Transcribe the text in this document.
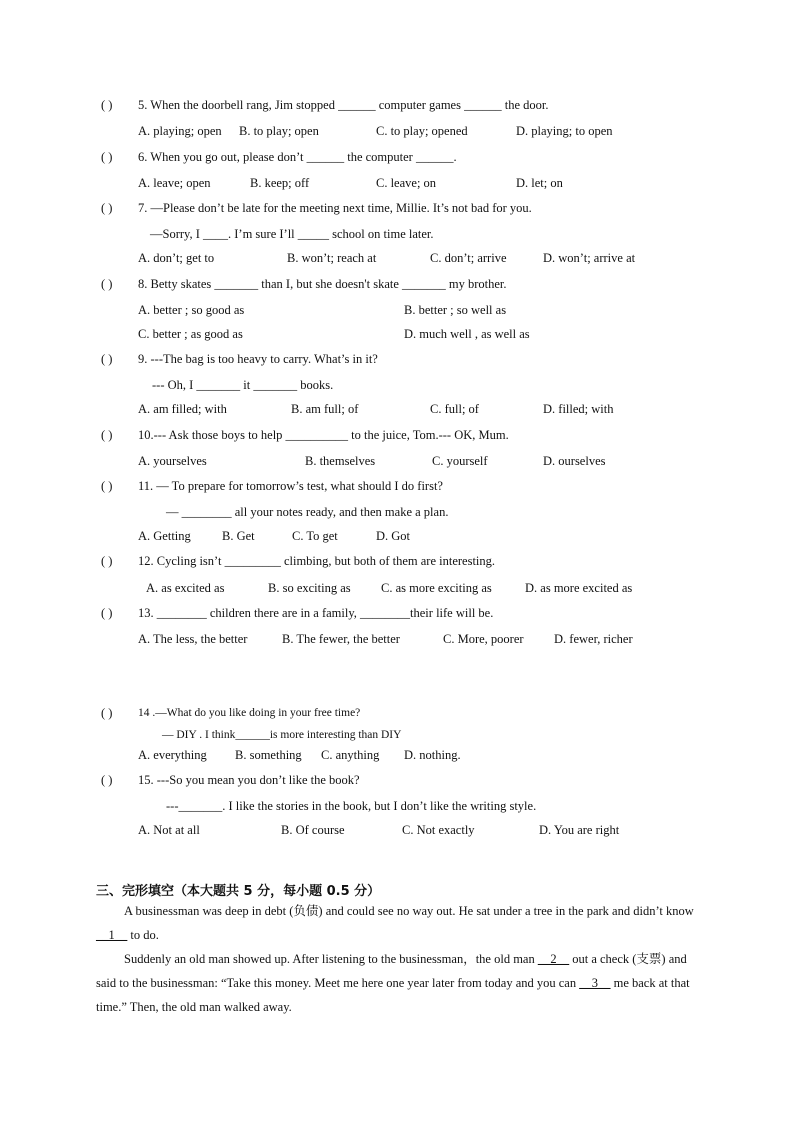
( ) 5. When the doorbell rang, Jim stopped ______ computer games ______ the door.
A. playing; open B. to play; open	C. to play; opened	D. playing; to open
( ) 6. When you go out, please don’t ______ the computer ______.
A. leave; open	B. keep; off	C. leave; on	D. let; on
( ) 7. —Please don’t be late for the meeting next time, Millie. It’s not bad for you.
—Sorry, I ____. I’m sure I’ll _____ school on time later.
A. don’t; get to	B. won’t; reach at	C. don’t; arrive	D. won’t; arrive at
( ) 8. Betty skates _______ than I, but she doesn't skate _______ my brother.
A. better ; so good as	B. better ; so well as
C. better ; as good as	D. much well , as well as
( ) 9. ---The bag is too heavy to carry. What’s in it?
--- Oh, I _______ it _______ books.
A. am filled; with	B. am full; of	C. full; of	D. filled; with
( ) 10.--- Ask those boys to help __________ to the juice, Tom.--- OK, Mum.
A. yourselves	B. themselves	C. yourself	D. ourselves
( ) 11. — To prepare for tomorrow’s test, what should I do first?
— ________ all your notes ready, and then make a plan.
A. Getting B. Get	C. To get	D. Got
( ) 12. Cycling isn’t _________ climbing, but both of them are interesting.
A. as excited as	B. so exciting as C. as more exciting as	D. as more excited as
( ) 13. ________ children there are in a family, ________their life will be.
A. The less, the better	B. The fewer, the better	C. More, poorer D. fewer, richer
( ) 14 .—What do you like doing in your free time?
— DIY . I think______is more interesting than DIY
A. everything B. something C. anything D. nothing.
( ) 15. ---So you mean you don’t like the book?
---_______. I like the stories in the book, but I don’t like the writing style.
A. Not at all	B. Of course	C. Not exactly	D. You are right
三、完形填空（本大题共 5 分，每小题 0.5 分）
A businessman was deep in debt (负债) and could see no way out. He sat under a tree in the park and didn’t know __1__ to do.
Suddenly an old man showed up. After listening to the businessman，the old man __2__ out a check (支票) and said to the businessman: “Take this money. Meet me here one year later from today and you can __3__ me back at that time.” Then, the old man walked away.
